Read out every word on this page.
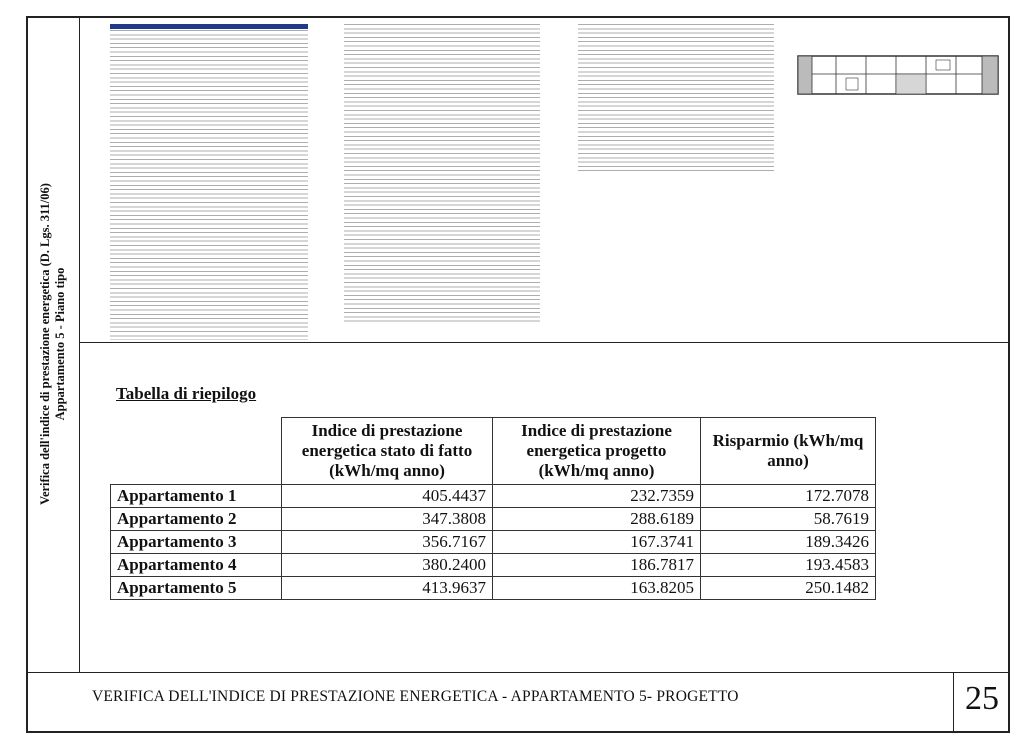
Verifica dell'indice di prestazione energetica (D. Lgs. 311/06) Appartamento 5 - Piano tipo	Tabella di riepilogo
	Indice di prestazione energetica stato di fatto (kWh/mq anno)	Indice di prestazione energetica progetto (kWh/mq anno)	Risparmio (kWh/mq anno)
Appartamento 1	405.4437	232.7359	172.7078
Appartamento 2	347.3808	288.6189	58.7619
Appartamento 3	356.7167	167.3741	189.3426
Appartamento 4	380.2400	186.7817	193.4583
Appartamento 5	413.9637	163.8205	250.1482
VERIFICA DELL'INDICE DI PRESTAZIONE ENERGETICA - APPARTAMENTO 5- PROGETTO	25
